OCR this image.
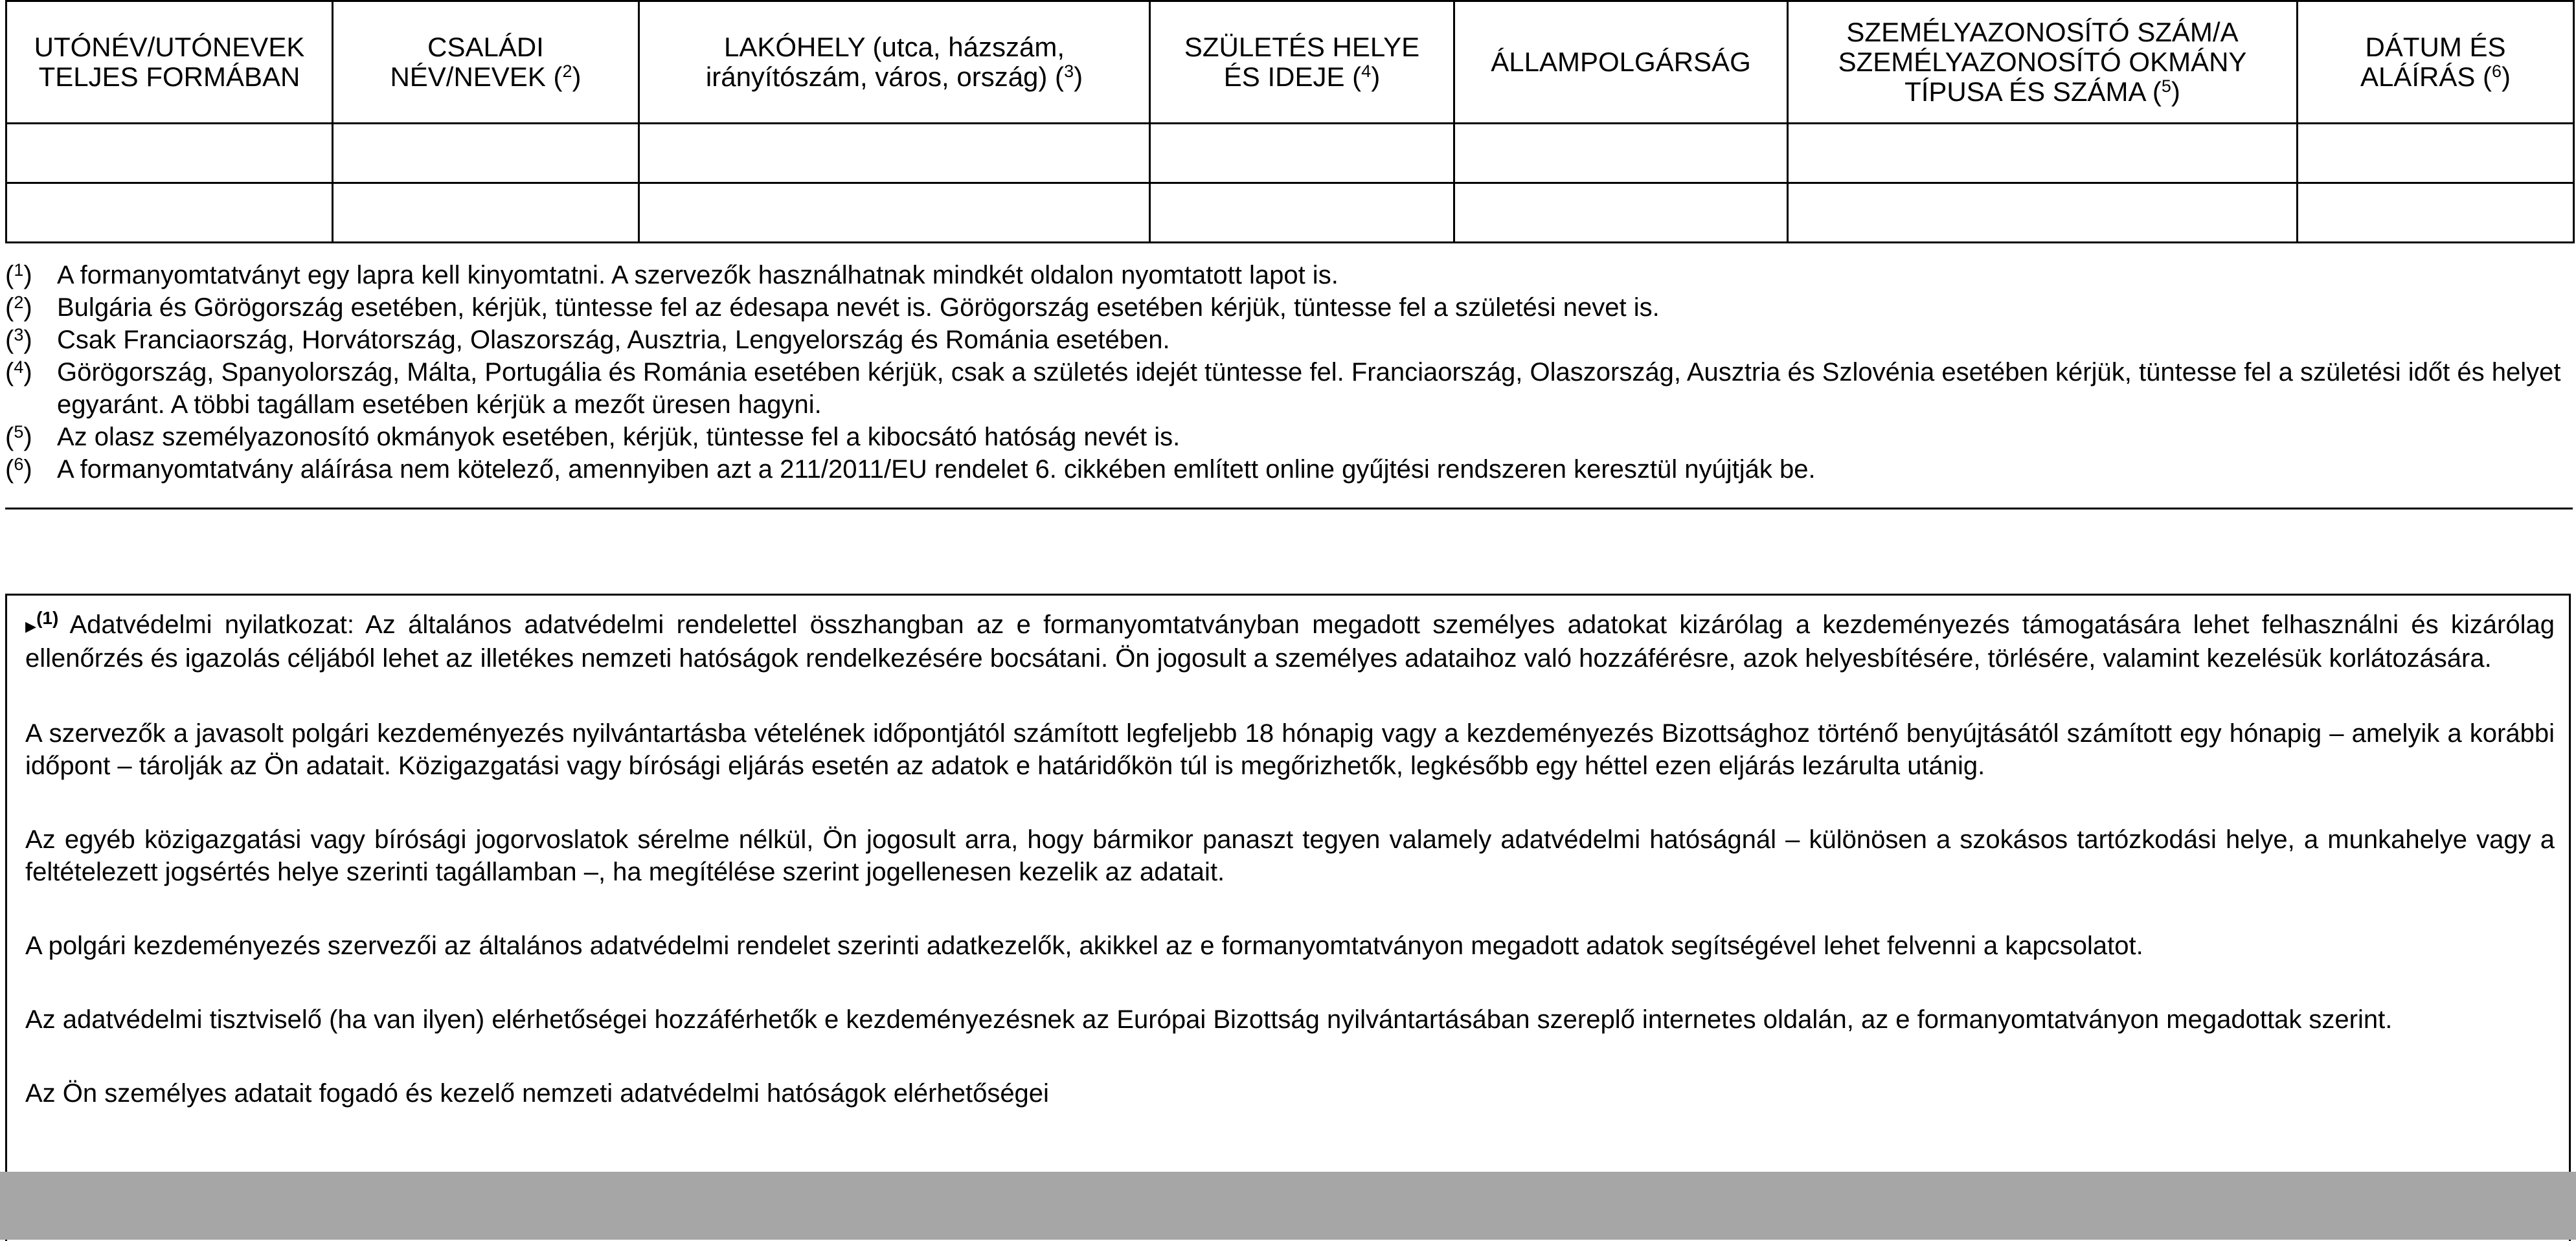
UTÓNÉV/UTÓNEVEK TELJES FORMÁBAN	CSALÁDI NÉV/NEVEK ($^2$)	LAKÓHELY (utca, házszám, irányítószám, város, ország) ($^3$)	SZÜLETÉS HELYE ÉS IDEJE ($^4$)	ÁLLAMPOLGÁRSÁG	SZEMÉLYAZONOSÍTÓ SZÁM/A SZEMÉLYAZONOSÍTÓ OKMÁNY TÍPUSA ÉS SZÁMA ($^5$)	DÁTUM ÉS ALÁÍRÁS ($^6$)

($^1$) A formanyomtatványt egy lapra kell kinyomtatni. A szervezők használhatnak mindkét oldalon nyomtatott lapot is.
($^2$) Bulgária és Görögország esetében, kérjük, tüntesse fel az édesapa nevét is. Görögország esetében kérjük, tüntesse fel a születési nevet is.
($^3$) Csak Franciaország, Horvátország, Olaszország, Ausztria, Lengyelország és Románia esetében.
($^4$) Görögország, Spanyolország, Málta, Portugália és Románia esetében kérjük, csak a születés idejét tüntesse fel. Franciaország, Olaszország, Ausztria és Szlovénia esetében kérjük, tüntesse fel a születési időt és helyet egyaránt. A többi tagállam esetében kérjük a mezőt üresen hagyni.
($^5$) Az olasz személyazonosító okmányok esetében, kérjük, tüntesse fel a kibocsátó hatóság nevét is.
($^6$) A formanyomtatvány aláírása nem kötelező, amennyiben azt a 211/2011/EU rendelet 6. cikkében említett online gyűjtési rendszeren keresztül nyújtják be.

▸$^{(1)}$ Adatvédelmi nyilatkozat: Az általános adatvédelmi rendelettel összhangban az e formanyomtatványban megadott személyes adatokat kizárólag a kezdeményezés támogatására lehet felhasználni és kizárólag ellenőrzés és igazolás céljából lehet az illetékes nemzeti hatóságok rendelkezésére bocsátani. Ön jogosult a személyes adataihoz való hozzáférésre, azok helyesbítésére, törlésére, valamint kezelésük korlátozására.

A szervezők a javasolt polgári kezdeményezés nyilvántartásba vételének időpontjától számított legfeljebb 18 hónapig vagy a kezdeményezés Bizottsághoz történő benyújtásától számított egy hónapig – amelyik a korábbi időpont – tárolják az Ön adatait. Közigazgatási vagy bírósági eljárás esetén az adatok e határidőkön túl is megőrizhetők, legkésőbb egy héttel ezen eljárás lezárulta utánig.

Az egyéb közigazgatási vagy bírósági jogorvoslatok sérelme nélkül, Ön jogosult arra, hogy bármikor panaszt tegyen valamely adatvédelmi hatóságnál – különösen a szokásos tartózkodási helye, a munkahelye vagy a feltételezett jogsértés helye szerinti tagállamban –, ha megítélése szerint jogellenesen kezelik az adatait.

A polgári kezdeményezés szervezői az általános adatvédelmi rendelet szerinti adatkezelők, akikkel az e formanyomtatványon megadott adatok segítségével lehet felvenni a kapcsolatot.

Az adatvédelmi tisztviselő (ha van ilyen) elérhetőségei hozzáférhetők e kezdeményezésnek az Európai Bizottság nyilvántartásában szereplő internetes oldalán, az e formanyomtatványon megadottak szerint.

Az Ön személyes adatait fogadó és kezelő nemzeti adatvédelmi hatóságok elérhetőségei
